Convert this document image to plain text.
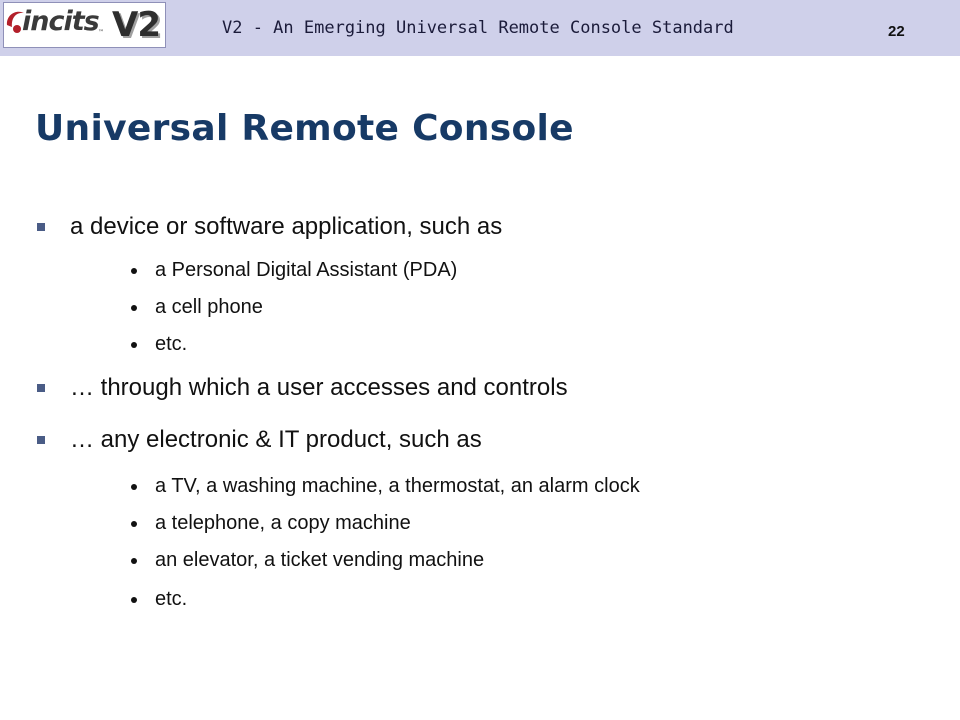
incits ™ V2	V2 - An Emerging Universal Remote Console Standard	22
Universal Remote Console
a device or software application, such as
a Personal Digital Assistant (PDA)
a cell phone
etc.
… through which a user accesses and controls
… any electronic & IT product, such as
a TV, a washing machine, a thermostat, an alarm clock
a telephone, a copy machine
an elevator, a ticket vending machine
etc.
